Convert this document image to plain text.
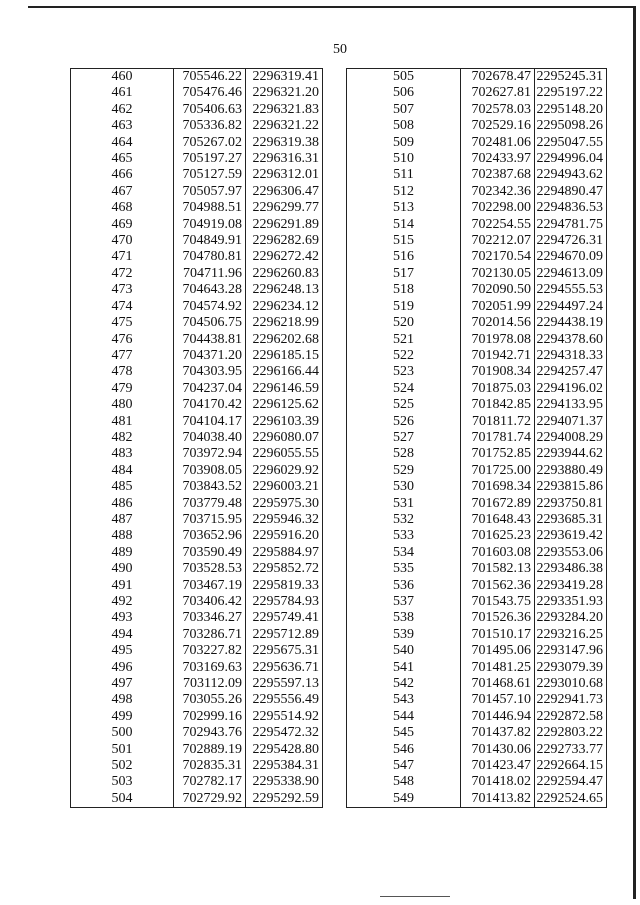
50
460	705546.22	2296319.41
461	705476.46	2296321.20
462	705406.63	2296321.83
463	705336.82	2296321.22
464	705267.02	2296319.38
465	705197.27	2296316.31
466	705127.59	2296312.01
467	705057.97	2296306.47
468	704988.51	2296299.77
469	704919.08	2296291.89
470	704849.91	2296282.69
471	704780.81	2296272.42
472	704711.96	2296260.83
473	704643.28	2296248.13
474	704574.92	2296234.12
475	704506.75	2296218.99
476	704438.81	2296202.68
477	704371.20	2296185.15
478	704303.95	2296166.44
479	704237.04	2296146.59
480	704170.42	2296125.62
481	704104.17	2296103.39
482	704038.40	2296080.07
483	703972.94	2296055.55
484	703908.05	2296029.92
485	703843.52	2296003.21
486	703779.48	2295975.30
487	703715.95	2295946.32
488	703652.96	2295916.20
489	703590.49	2295884.97
490	703528.53	2295852.72
491	703467.19	2295819.33
492	703406.42	2295784.93
493	703346.27	2295749.41
494	703286.71	2295712.89
495	703227.82	2295675.31
496	703169.63	2295636.71
497	703112.09	2295597.13
498	703055.26	2295556.49
499	702999.16	2295514.92
500	702943.76	2295472.32
501	702889.19	2295428.80
502	702835.31	2295384.31
503	702782.17	2295338.90
504	702729.92	2295292.59
505	702678.47	2295245.31
506	702627.81	2295197.22
507	702578.03	2295148.20
508	702529.16	2295098.26
509	702481.06	2295047.55
510	702433.97	2294996.04
511	702387.68	2294943.62
512	702342.36	2294890.47
513	702298.00	2294836.53
514	702254.55	2294781.75
515	702212.07	2294726.31
516	702170.54	2294670.09
517	702130.05	2294613.09
518	702090.50	2294555.53
519	702051.99	2294497.24
520	702014.56	2294438.19
521	701978.08	2294378.60
522	701942.71	2294318.33
523	701908.34	2294257.47
524	701875.03	2294196.02
525	701842.85	2294133.95
526	701811.72	2294071.37
527	701781.74	2294008.29
528	701752.85	2293944.62
529	701725.00	2293880.49
530	701698.34	2293815.86
531	701672.89	2293750.81
532	701648.43	2293685.31
533	701625.23	2293619.42
534	701603.08	2293553.06
535	701582.13	2293486.38
536	701562.36	2293419.28
537	701543.75	2293351.93
538	701526.36	2293284.20
539	701510.17	2293216.25
540	701495.06	2293147.96
541	701481.25	2293079.39
542	701468.61	2293010.68
543	701457.10	2292941.73
544	701446.94	2292872.58
545	701437.82	2292803.22
546	701430.06	2292733.77
547	701423.47	2292664.15
548	701418.02	2292594.47
549	701413.82	2292524.65
